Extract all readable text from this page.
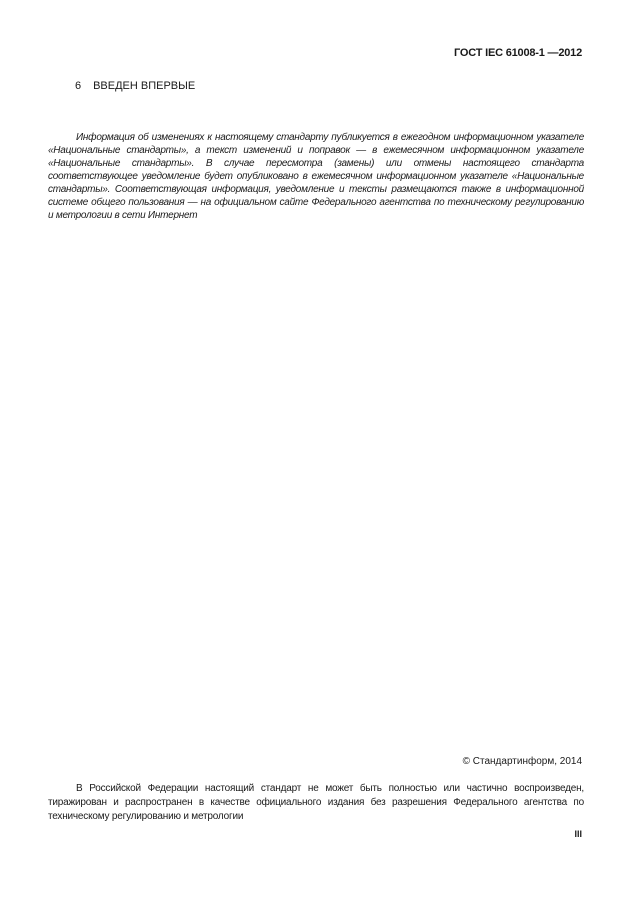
ГОСТ IEC 61008-1 —2012
6 ВВЕДЕН ВПЕРВЫЕ

Информация об изменениях к настоящему стандарту публикуется в ежегодном информационном указателе «Национальные стандарты», а текст изменений и поправок — в ежемесячном информационном указателе «Национальные стандарты». В случае пересмотра (замены) или отмены настоящего стандарта соответствующее уведомление будет опубликовано в ежемесячном информационном указателе «Национальные стандарты». Соответствующая информация, уведомление и тексты размещаются также в информационной системе общего пользования — на официальном сайте Федерального агентства по техническому регулированию и метрологии в сети Интернет

© Стандартинформ, 2014

В Российской Федерации настоящий стандарт не может быть полностью или частично воспроизведен, тиражирован и распространен в качестве официального издания без разрешения Федерального агентства по техническому регулированию и метрологии

III
